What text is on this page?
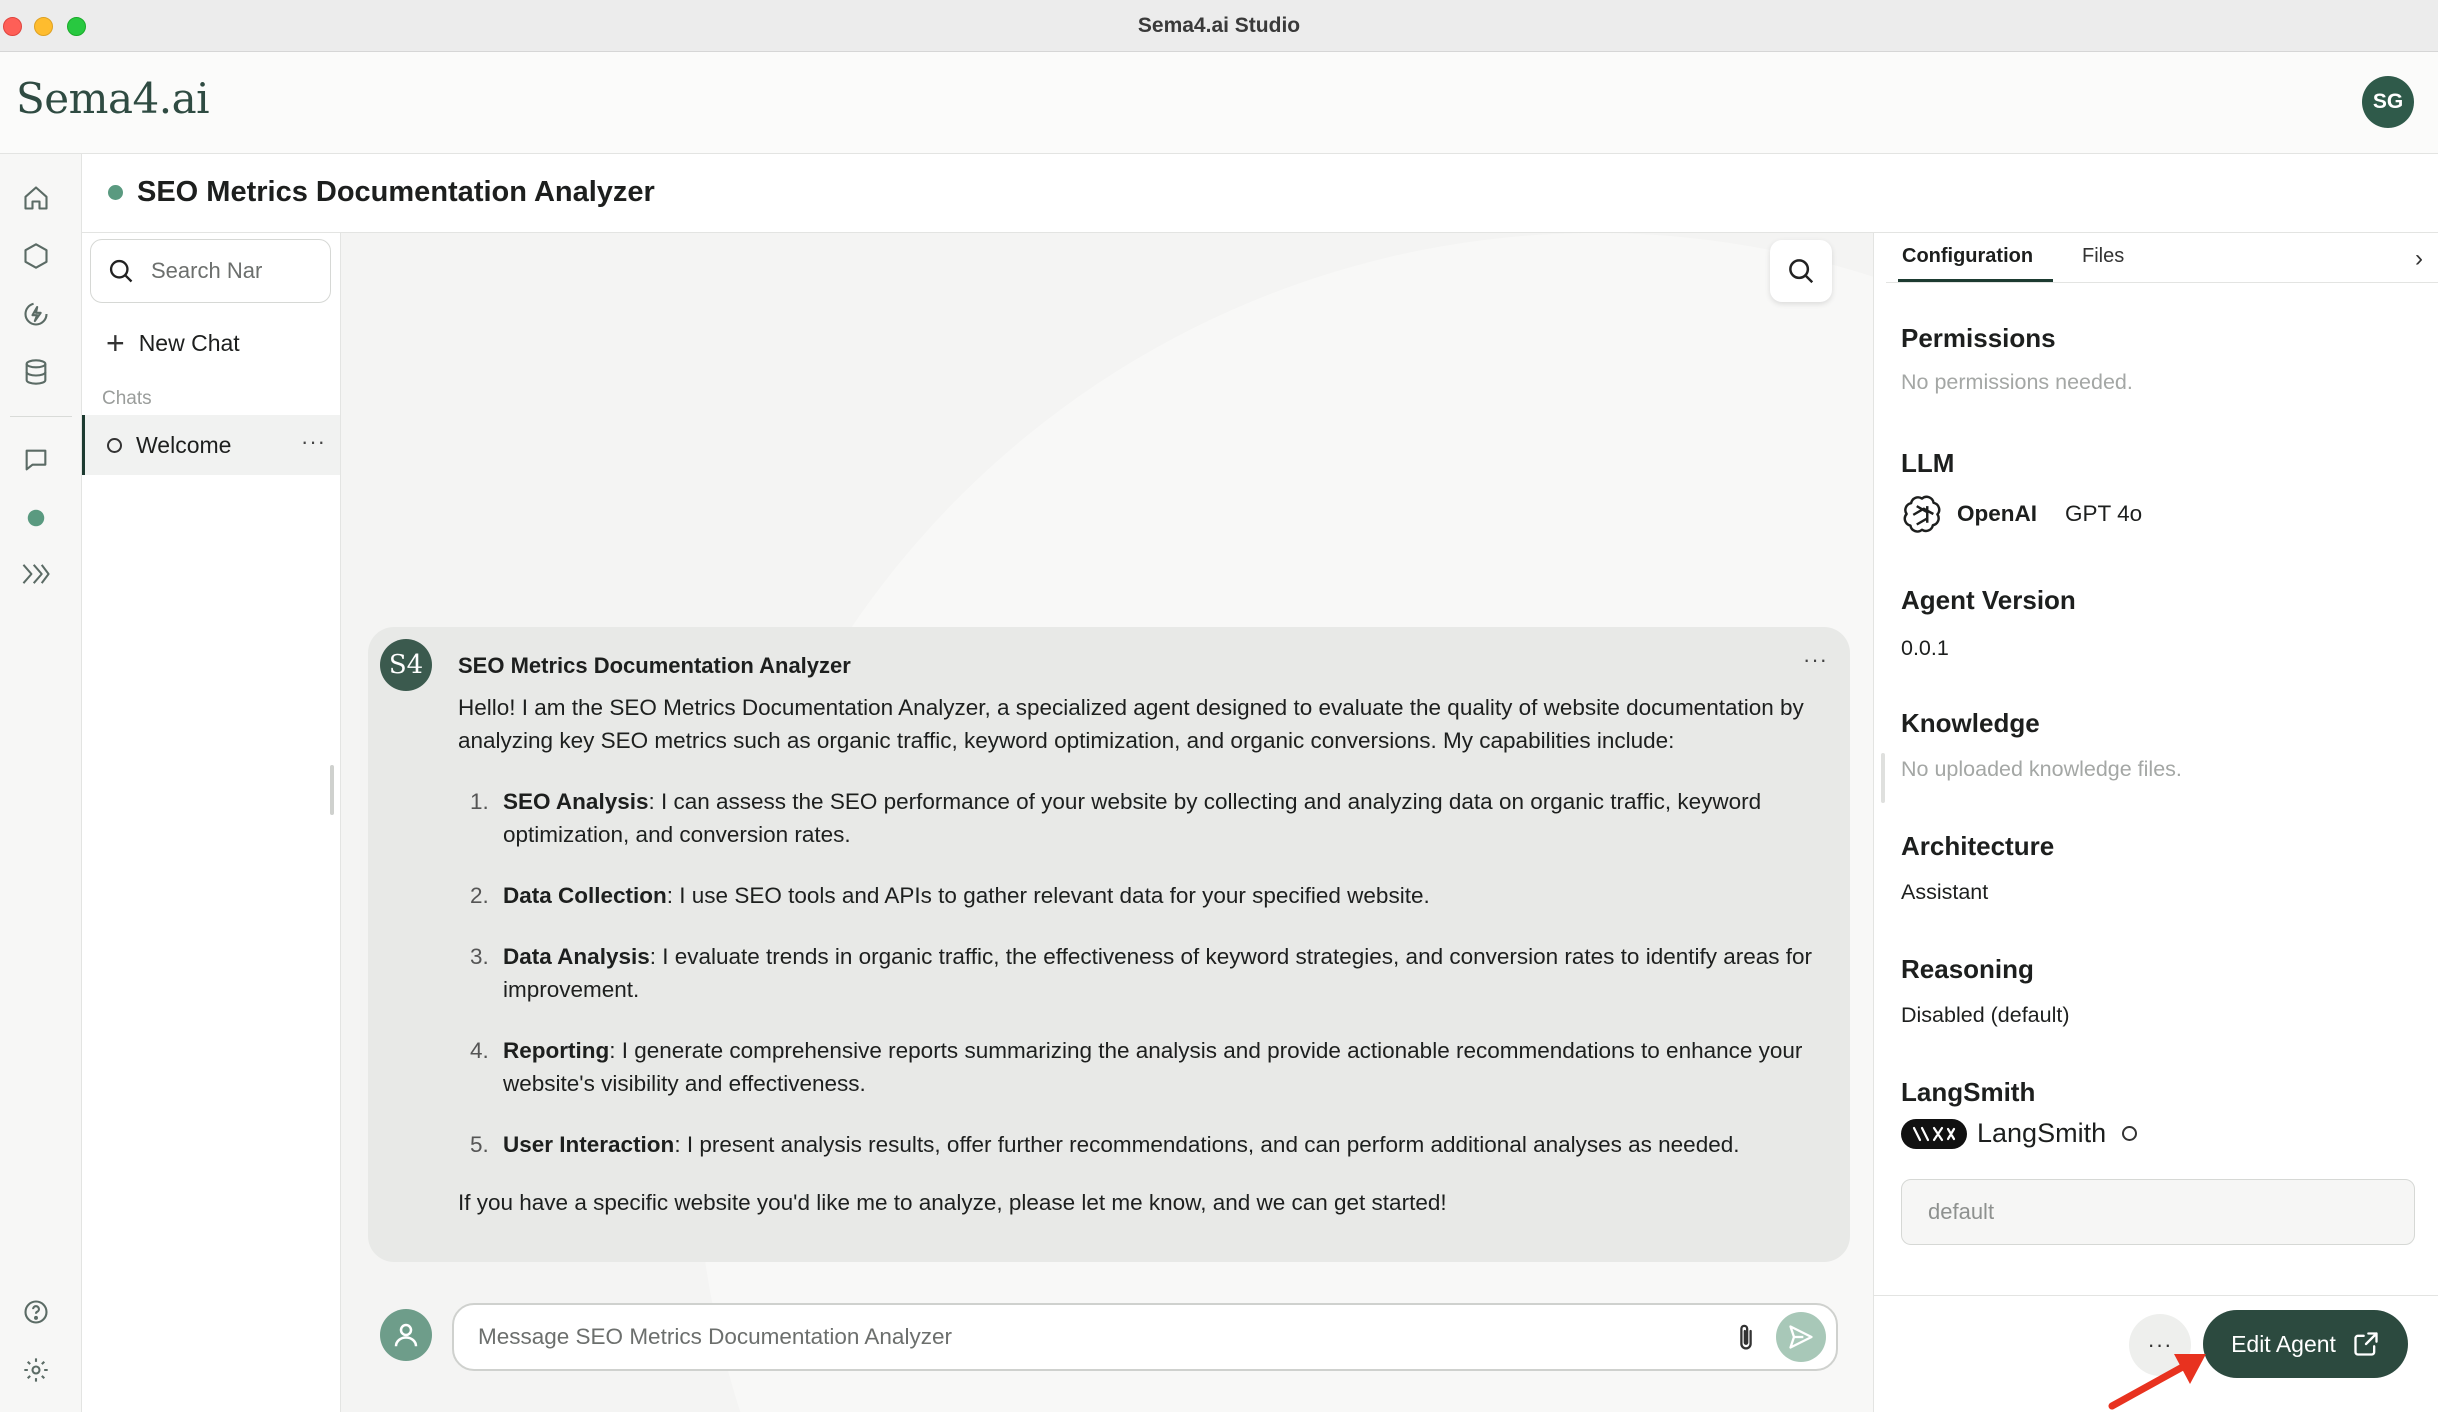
Sema4.ai Studio
Sema4.ai	SG
SEO Metrics Documentation Analyzer
Search Nar
+ New Chat
Chats
Welcome	···
S4	SEO Metrics Documentation Analyzer	···

Hello! I am the SEO Metrics Documentation Analyzer, a specialized agent designed to evaluate the quality of website documentation by analyzing key SEO metrics such as organic traffic, keyword optimization, and organic conversions. My capabilities include:

1. SEO Analysis: I can assess the SEO performance of your website by collecting and analyzing data on organic traffic, keyword optimization, and conversion rates.
2. Data Collection: I use SEO tools and APIs to gather relevant data for your specified website.
3. Data Analysis: I evaluate trends in organic traffic, the effectiveness of keyword strategies, and conversion rates to identify areas for improvement.
4. Reporting: I generate comprehensive reports summarizing the analysis and provide actionable recommendations to enhance your website's visibility and effectiveness.
5. User Interaction: I present analysis results, offer further recommendations, and can perform additional analyses as needed.

If you have a specific website you'd like me to analyze, please let me know, and we can get started!

Message SEO Metrics Documentation Analyzer
Configuration Files	›
Permissions
No permissions needed.
LLM
OpenAI GPT 4o
Agent Version
0.0.1
Knowledge
No uploaded knowledge files.
Architecture
Assistant
Reasoning
Disabled (default)
LangSmith
LangSmith
default
···	Edit Agent
